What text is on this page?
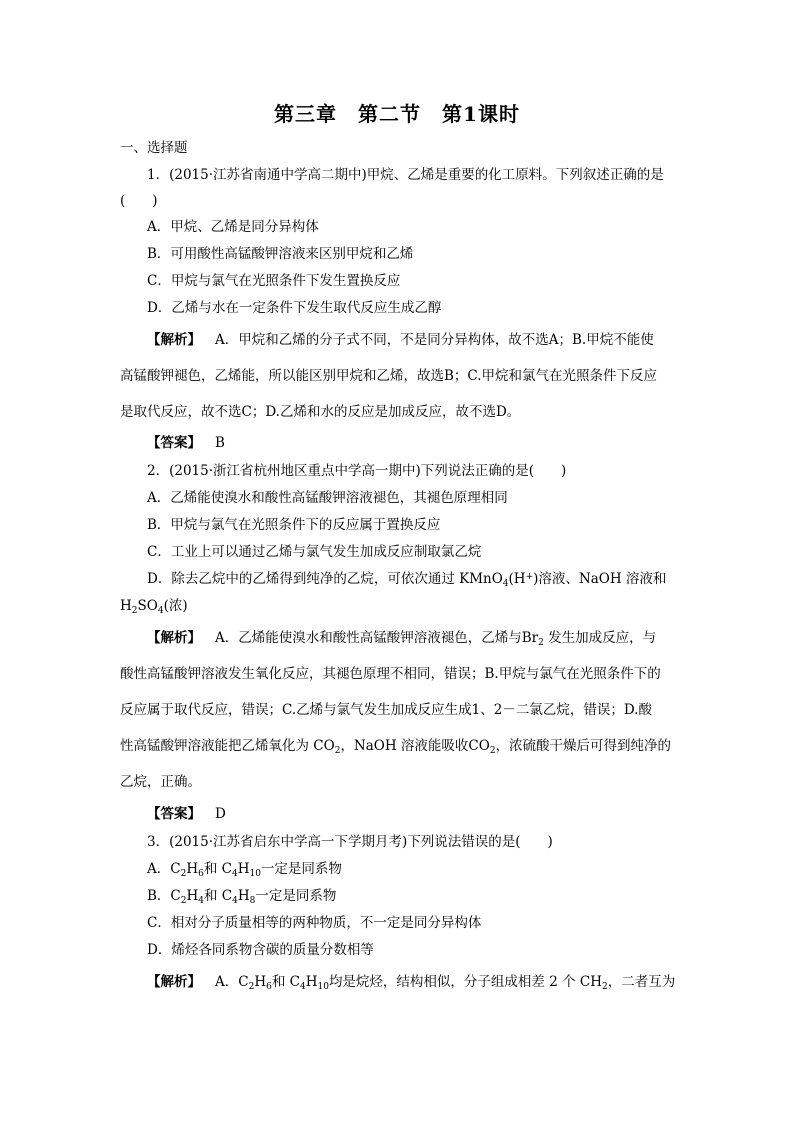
第三章　第二节　第1课时
一、选择题
1．(2015·江苏省南通中学高二期中)甲烷、乙烯是重要的化工原料。下列叙述正确的是
(　　)
A．甲烷、乙烯是同分异构体
B．可用酸性高锰酸钾溶液来区别甲烷和乙烯
C．甲烷与氯气在光照条件下发生置换反应
D．乙烯与水在一定条件下发生取代反应生成乙醇
【 解析 】 A．甲烷和乙烯的分子式不同，不是同分异构体，故不选A；B.甲烷不能使
高锰酸钾褪色，乙烯能，所以能区别甲烷和乙烯，故选B；C.甲烷和氯气在光照条件下反应
是取代反应，故不选C；D.乙烯和水的反应是加成反应，故不选D。
【 答案 】 B
2．(2015·浙江省杭州地区重点中学高一期中)下列说法正确的是(　　)
A．乙烯能使溴水和酸性高锰酸钾溶液褪色，其褪色原理相同
B．甲烷与氯气在光照条件下的反应属于置换反应
C．工业上可以通过乙烯与氯气发生加成反应制取氯乙烷
D．除去乙烷中的乙烯得到纯净的乙烷，可依次通过 KMnO$_4$(H+)溶液、NaOH 溶液和
$H_2SO_4$(浓)
【 解析 】 A．乙烯能使溴水和酸性高锰酸钾溶液褪色，乙烯与$Br_2$ 发生加成反应，与
酸性高锰酸钾溶液发生氧化反应，其褪色原理不相同，错误；B.甲烷与氯气在光照条件下的
反应属于取代反应，错误；C.乙烯与氯气发生加成反应生成1、2－二氯乙烷，错误；D.酸
性高锰酸钾溶液能把乙烯氧化为 $CO_2$，NaOH 溶液能吸收$CO_2$，浓硫酸干燥后可得到纯净的
乙烷，正确。
【 答案 】 D
3．(2015·江苏省启东中学高一下学期月考)下列说法错误的是(　　)
A．$C_2H_6$和 $C_4H_{10}$一定是同系物
B．$C_2H_4$和 $C_4H_8$一定是同系物
C．相对分子质量相等的两种物质，不一定是同分异构体
D．烯烃各同系物含碳的质量分数相等
【 解析 】 A．$C_2H_6$和 $C_4H_{10}$均是烷烃，结构相似，分子组成相差 2 个 $CH_2$，二者互为
